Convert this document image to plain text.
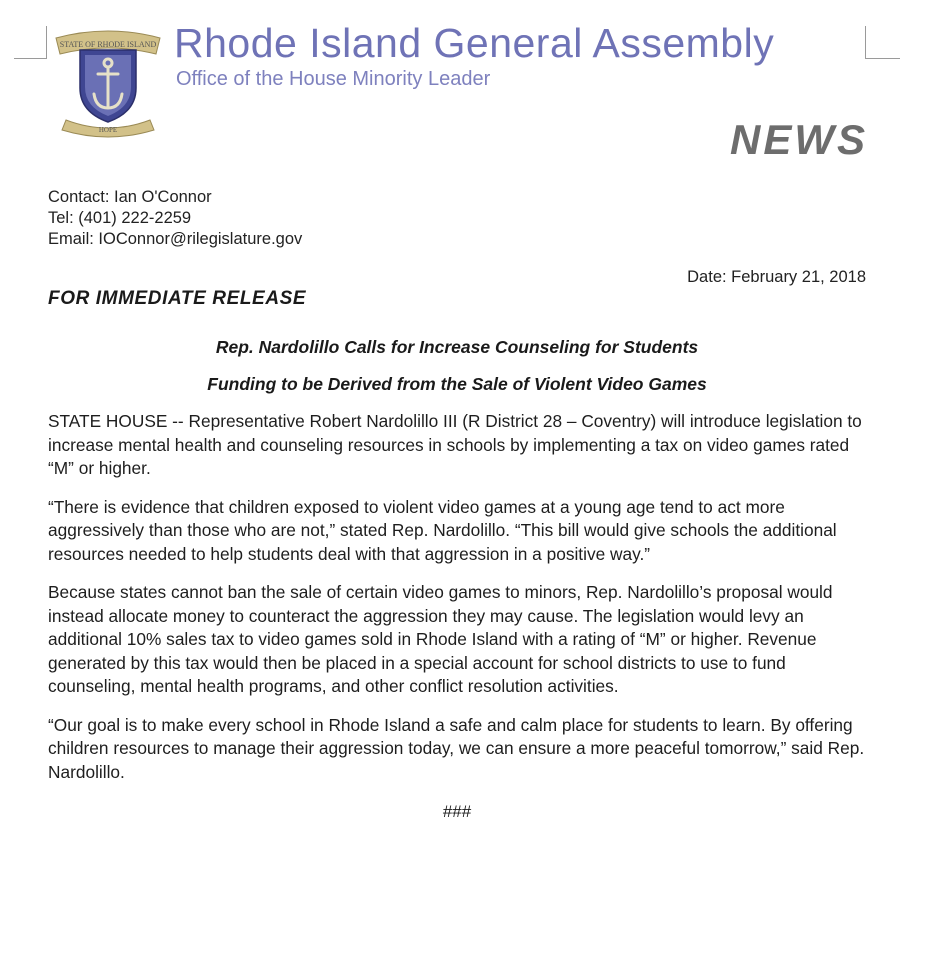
STATE OF RHODE ISLAND
HOPE
Rhode Island General Assembly
Office of the House Minority Leader
NEWS
Contact: Ian O'Connor
Tel: (401) 222-2259
Email: IOConnor@rilegislature.gov
Date: February 21, 2018
FOR IMMEDIATE RELEASE
Rep. Nardolillo Calls for Increase Counseling for Students
Funding to be Derived from the Sale of Violent Video Games

STATE HOUSE -- Representative Robert Nardolillo III (R District 28 – Coventry) will introduce legislation to increase mental health and counseling resources in schools by implementing a tax on video games rated “M” or higher.

“There is evidence that children exposed to violent video games at a young age tend to act more aggressively than those who are not,” stated Rep. Nardolillo. “This bill would give schools the additional resources needed to help students deal with that aggression in a positive way.”

Because states cannot ban the sale of certain video games to minors, Rep. Nardolillo’s proposal would instead allocate money to counteract the aggression they may cause. The legislation would levy an additional 10% sales tax to video games sold in Rhode Island with a rating of “M” or higher. Revenue generated by this tax would then be placed in a special account for school districts to use to fund counseling, mental health programs, and other conflict resolution activities.

“Our goal is to make every school in Rhode Island a safe and calm place for students to learn. By offering children resources to manage their aggression today, we can ensure a more peaceful tomorrow,” said Rep. Nardolillo.

###
